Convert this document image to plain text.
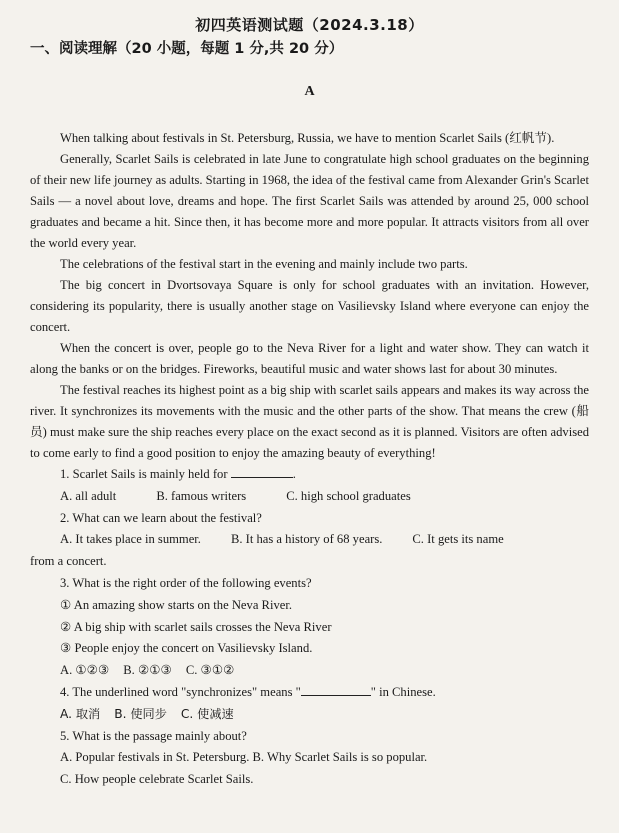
初四英语测试题（2024.3.18）
一、阅读理解（20 小题，每题 1 分,共 20 分）
A

When talking about festivals in St. Petersburg, Russia, we have to mention Scarlet Sails (红帆节).

Generally, Scarlet Sails is celebrated in late June to congratulate high school graduates on the beginning of their new life journey as adults. Starting in 1968, the idea of the festival came from Alexander Grin's Scarlet Sails — a novel about love, dreams and hope. The first Scarlet Sails was attended by around 25, 000 school graduates and became a hit. Since then, it has become more and more popular. It attracts visitors from all over the world every year.

The celebrations of the festival start in the evening and mainly include two parts.

The big concert in Dvortsovaya Square is only for school graduates with an invitation. However, considering its popularity, there is usually another stage on Vasilievsky Island where everyone can enjoy the concert.

When the concert is over, people go to the Neva River for a light and water show. They can watch it along the banks or on the bridges. Fireworks, beautiful music and water shows last for about 30 minutes.

The festival reaches its highest point as a big ship with scarlet sails appears and makes its way across the river. It synchronizes its movements with the music and the other parts of the show. That means the crew (船员) must make sure the ship reaches every place on the exact second as it is planned. Visitors are often advised to come early to find a good position to enjoy the amazing beauty of everything!

1. Scarlet Sails is mainly held for	.
A. all adult	B. famous writers	C. high school graduates
2. What can we learn about the festival?
A. It takes place in summer. B. It has a history of 68 years. C. It gets its name
from a concert.
3. What is the right order of the following events?
① An amazing show starts on the Neva River.
② A big ship with scarlet sails crosses the Neva River
③ People enjoy the concert on Vasilievsky Island.
A. ①②③ B. ②①③ C. ③①②
4. The underlined word "synchronizes" means "	" in Chinese.
A. 取消 B. 使同步 C. 使减速
5. What is the passage mainly about?
A. Popular festivals in St. Petersburg. B. Why Scarlet Sails is so popular.
C. How people celebrate Scarlet Sails.
